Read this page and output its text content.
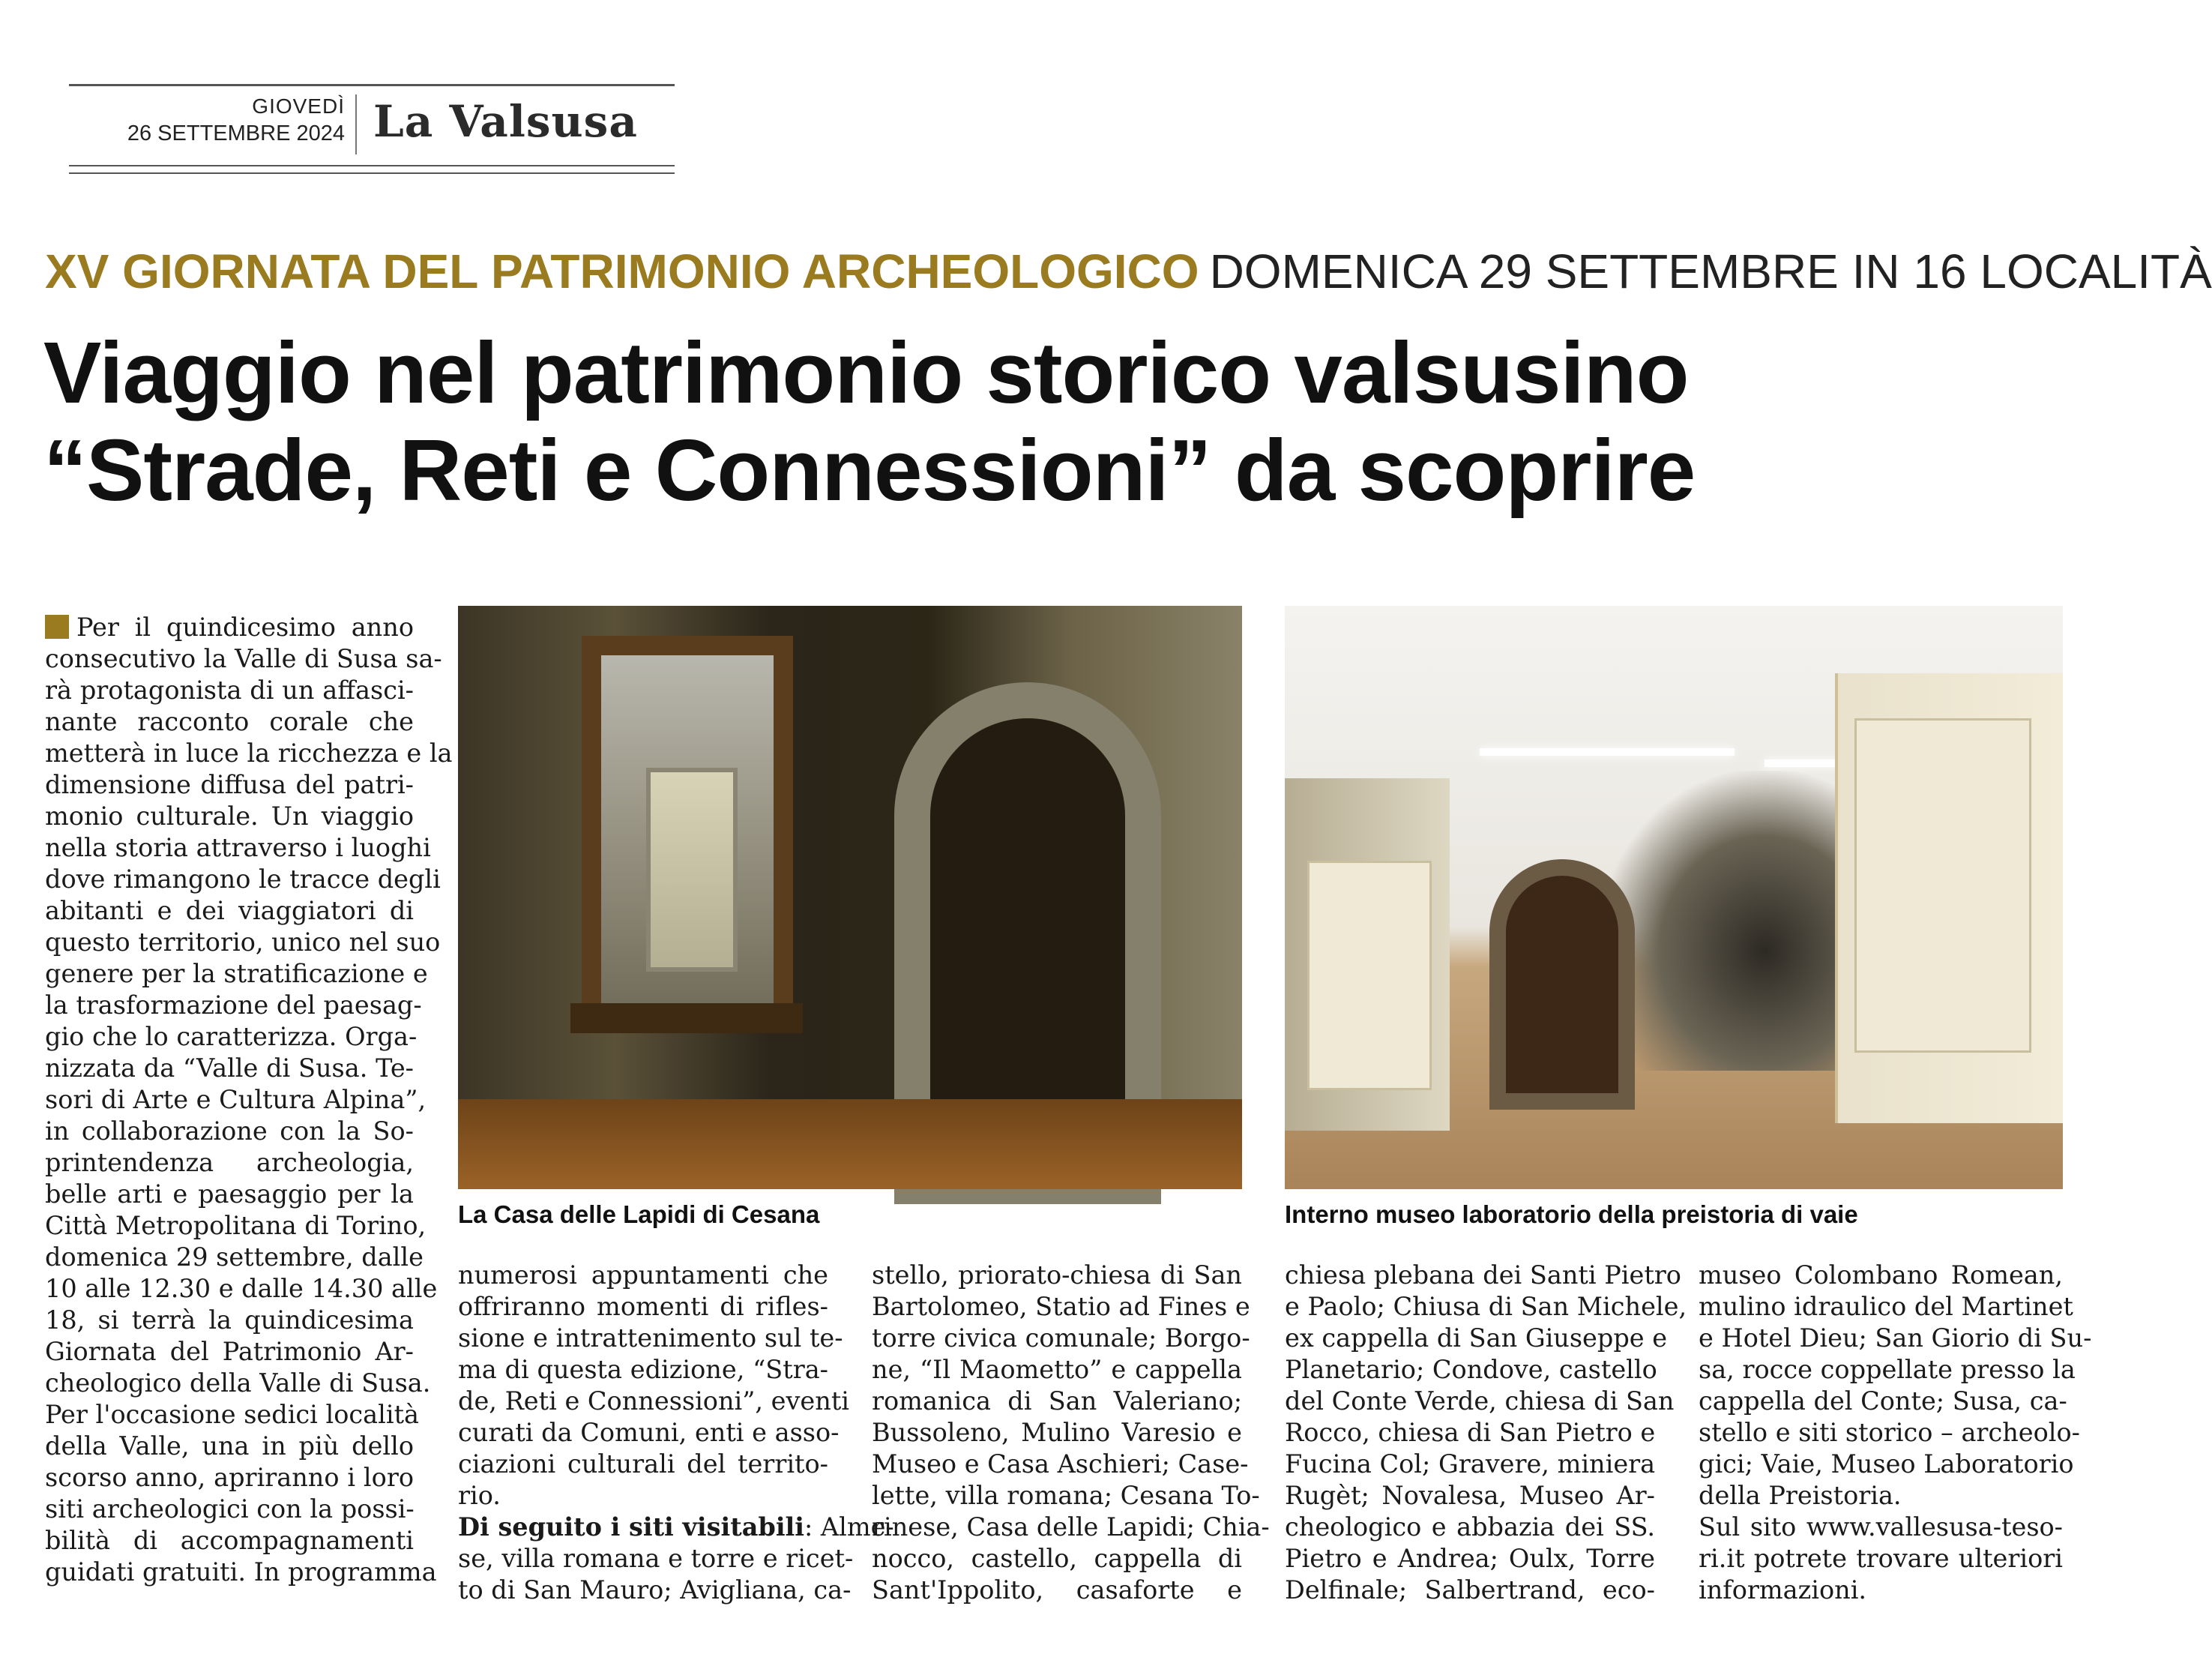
GIOVEDÌ
26 SETTEMBRE 2024 La Valsusa
XV GIORNATA DEL PATRIMONIO ARCHEOLOGICO DOMENICA 29 SETTEMBRE IN 16 LOCALITÀ
Viaggio nel patrimonio storico valsusino
“Strade, Reti e Connessioni” da scoprire
Per il quindicesimo anno
consecutivo la Valle di Susa sa-
rà protagonista di un affasci-
nante racconto corale che
metterà in luce la ricchezza e la
dimensione diffusa del patri-
monio culturale. Un viaggio
nella storia attraverso i luoghi
dove rimangono le tracce degli
abitanti e dei viaggiatori di
questo territorio, unico nel suo
genere per la stratificazione e
la trasformazione del paesag-
gio che lo caratterizza. Orga-
nizzata da “Valle di Susa. Te-
sori di Arte e Cultura Alpina”,
in collaborazione con la So-
printendenza archeologia,
belle arti e paesaggio per la
Città Metropolitana di Torino,
domenica 29 settembre, dalle
10 alle 12.30 e dalle 14.30 alle
18, si terrà la quindicesima
Giornata del Patrimonio Ar-
cheologico della Valle di Susa.
Per l'occasione sedici località
della Valle, una in più dello
scorso anno, apriranno i loro
siti archeologici con la possi-
bilità di accompagnamenti
guidati gratuiti. In programma
La Casa delle Lapidi di Cesana	Interno museo laboratorio della preistoria di vaie
numerosi appuntamenti che
offriranno momenti di rifles-
sione e intrattenimento sul te-
ma di questa edizione, “Stra-
de, Reti e Connessioni”, eventi
curati da Comuni, enti e asso-
ciazioni culturali del territo-
rio.
Di seguito i siti visitabili: Alme-
se, villa romana e torre e ricet-
to di San Mauro; Avigliana, ca-
stello, priorato-chiesa di San
Bartolomeo, Statio ad Fines e
torre civica comunale; Borgo-
ne, “Il Maometto” e cappella
romanica di San Valeriano;
Bussoleno, Mulino Varesio e
Museo e Casa Aschieri; Case-
lette, villa romana; Cesana To-
rinese, Casa delle Lapidi; Chia-
nocco, castello, cappella di
Sant'Ippolito, casaforte e
chiesa plebana dei Santi Pietro
e Paolo; Chiusa di San Michele,
ex cappella di San Giuseppe e
Planetario; Condove, castello
del Conte Verde, chiesa di San
Rocco, chiesa di San Pietro e
Fucina Col; Gravere, miniera
Rugèt; Novalesa, Museo Ar-
cheologico e abbazia dei SS.
Pietro e Andrea; Oulx, Torre
Delfinale; Salbertrand, eco-
museo Colombano Romean,
mulino idraulico del Martinet
e Hotel Dieu; San Giorio di Su-
sa, rocce coppellate presso la
cappella del Conte; Susa, ca-
stello e siti storico – archeolo-
gici; Vaie, Museo Laboratorio
della Preistoria.
Sul sito www.vallesusa-teso-
ri.it potrete trovare ulteriori
informazioni.
